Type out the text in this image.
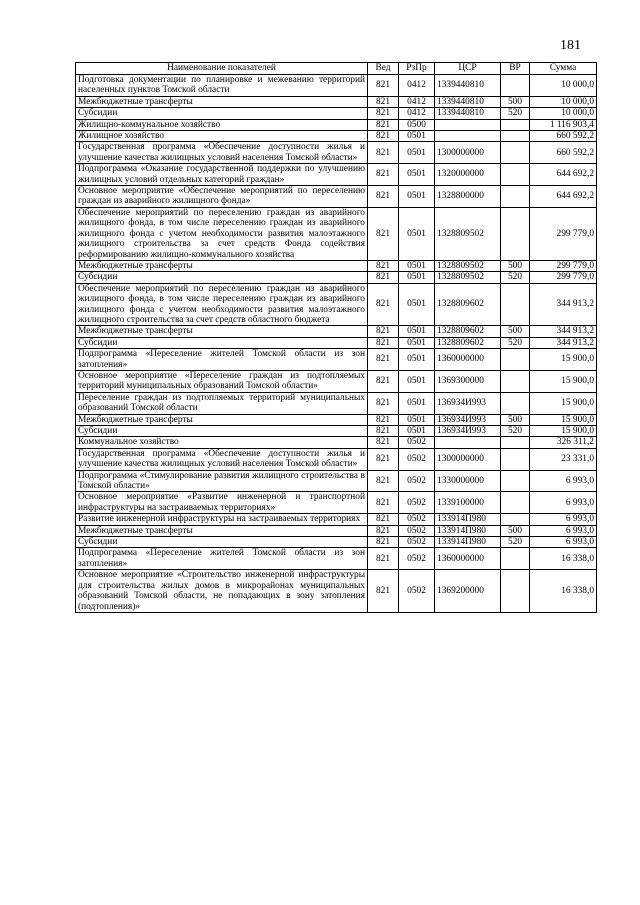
181
Наименование показателей	Вед	РзПр	ЦСР	ВР	Сумма
Подготовка документации по планировке и межеванию территорий населенных пунктов Томской области	821	0412	1339440810		10 000,0
Межбюджетные трансферты	821	0412	1339440810	500	10 000,0
Субсидии	821	0412	1339440810	520	10 000,0
Жилищно-коммунальное хозяйство	821	0500			1 116 903,4
Жилищное хозяйство	821	0501			660 592,2
Государственная программа «Обеспечение доступности жилья и улучшение качества жилищных условий населения Томской области»	821	0501	1300000000		660 592,2
Подпрограмма «Оказание государственной поддержки по улучшению жилищных условий отдельных категорий граждан»	821	0501	1320000000		644 692,2
Основное мероприятие «Обеспечение мероприятий по переселению граждан из аварийного жилищного фонда»	821	0501	1328800000		644 692,2
Обеспечение мероприятий по переселению граждан из аварийного жилищного фонда, в том числе переселению граждан из аварийного жилищного фонда с учетом необходимости развития малоэтажного жилищного строительства за счет средств Фонда содействия реформированию жилищно-коммунального хозяйства	821	0501	1328809502		299 779,0
Межбюджетные трансферты	821	0501	1328809502	500	299 779,0
Субсидии	821	0501	1328809502	520	299 779,0
Обеспечение мероприятий по переселению граждан из аварийного жилищного фонда, в том числе переселению граждан из аварийного жилищного фонда с учетом необходимости развития малоэтажного жилищного строительства за счет средств областного бюджета	821	0501	1328809602		344 913,2
Межбюджетные трансферты	821	0501	1328809602	500	344 913,2
Субсидии	821	0501	1328809602	520	344 913,2
Подпрограмма «Переселение жителей Томской области из зон затопления»	821	0501	1360000000		15 900,0
Основное мероприятие «Переселение граждан из подтопляемых территорий муниципальных образований Томской области»	821	0501	1369300000		15 900,0
Переселение граждан из подтопляемых территорий муниципальных образований Томской области	821	0501	136934И993		15 900,0
Межбюджетные трансферты	821	0501	136934И993	500	15 900,0
Субсидии	821	0501	136934И993	520	15 900,0
Коммунальное хозяйство	821	0502			326 311,2
Государственная программа «Обеспечение доступности жилья и улучшение качества жилищных условий населения Томской области»	821	0502	1300000000		23 331,0
Подпрограмма «Стимулирование развития жилищного строительства в Томской области»	821	0502	1330000000		6 993,0
Основное мероприятие «Развитие инженерной и транспортной инфраструктуры на застраиваемых территориях»	821	0502	1339100000		6 993,0
Развитие инженерной инфраструктуры на застраиваемых территориях	821	0502	133914П980		6 993,0
Межбюджетные трансферты	821	0502	133914П980	500	6 993,0
Субсидии	821	0502	133914П980	520	6 993,0
Подпрограмма «Переселение жителей Томской области из зон затопления»	821	0502	1360000000		16 338,0
Основное мероприятие «Строительство инженерной инфраструктуры для строительства жилых домов в микрорайонах муниципальных образований Томской области, не попадающих в зону затопления (подтопления)»	821	0502	1369200000		16 338,0
